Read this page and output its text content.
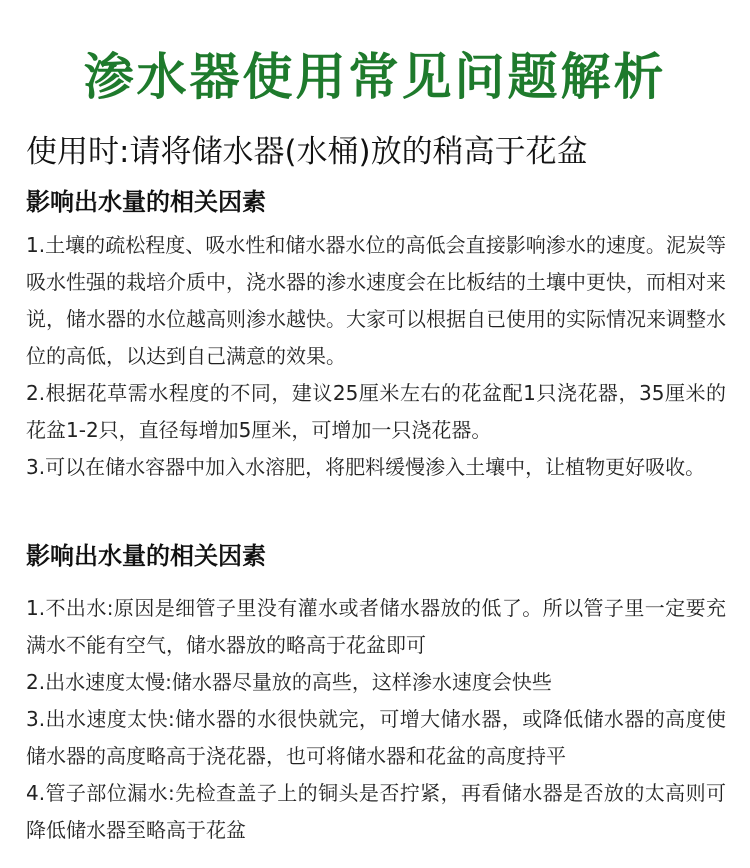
渗水器使用常见问题解析
使用时:请将储水器(水桶)放的稍高于花盆
影响出水量的相关因素

1.土壤的疏松程度、吸水性和储水器水位的高低会直接影响渗水的速度。泥炭等吸水性强的栽培介质中，浇水器的渗水速度会在比板结的土壤中更快，而相对来说，储水器的水位越高则渗水越快。大家可以根据自已使用的实际情况来调整水位的高低，以达到自己满意的效果。

2.根据花草需水程度的不同，建议25厘米左右的花盆配1只浇花器，35厘米的花盆1-2只，直径每增加5厘米，可增加一只浇花器。

3.可以在储水容器中加入水溶肥，将肥料缓慢渗入土壤中，让植物更好吸收。

影响出水量的相关因素

1.不出水:原因是细管子里没有灌水或者储水器放的低了。所以管子里一定要充满水不能有空气，储水器放的略高于花盆即可

2.出水速度太慢:储水器尽量放的高些，这样渗水速度会快些

3.出水速度太快:储水器的水很快就完，可增大储水器，或降低储水器的高度使储水器的高度略高于浇花器，也可将储水器和花盆的高度持平

4.管子部位漏水:先检查盖子上的铜头是否拧紧，再看储水器是否放的太高则可降低储水器至略高于花盆
